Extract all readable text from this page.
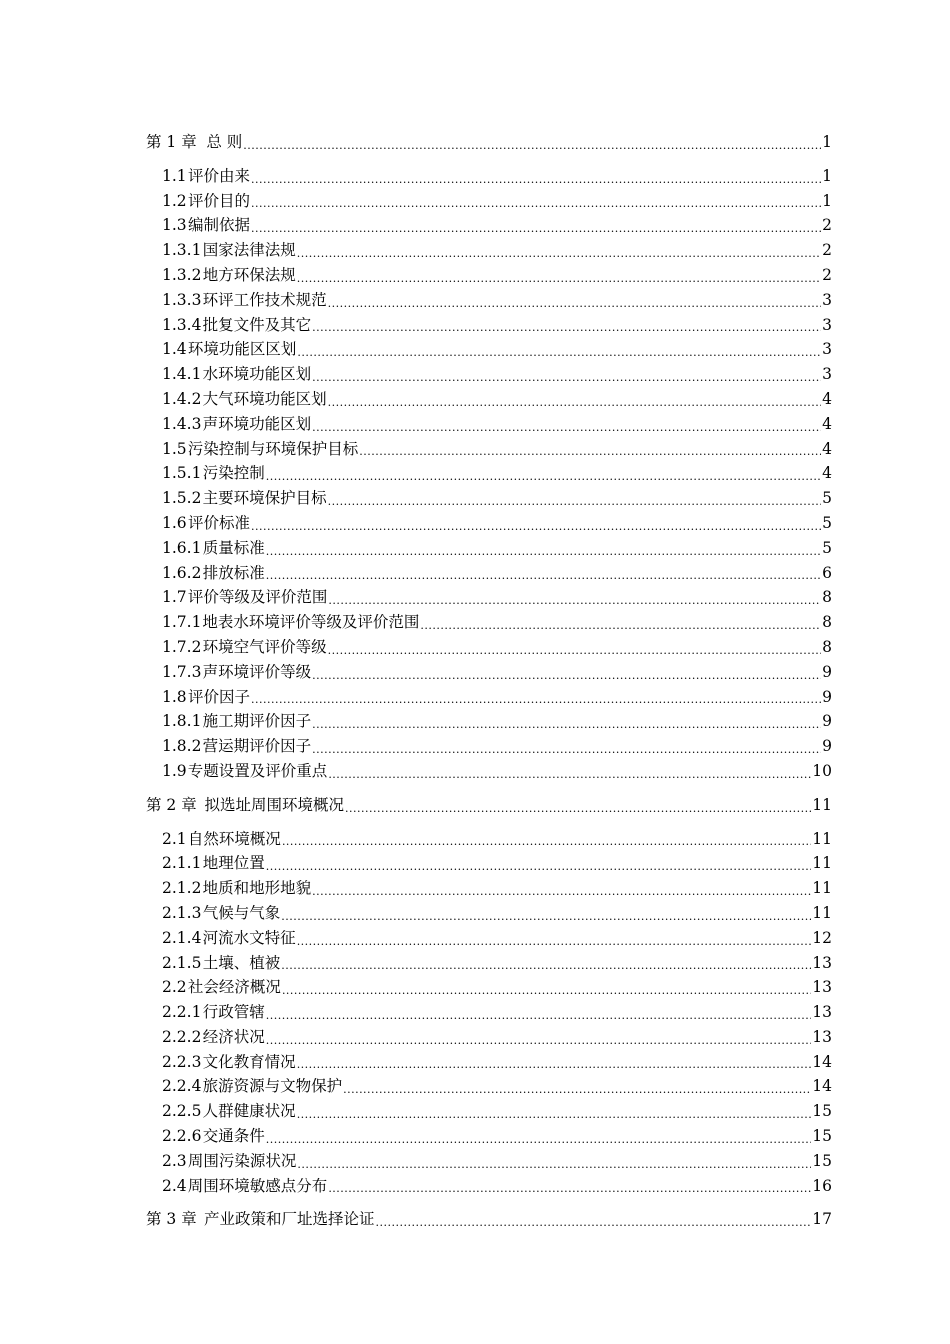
第 1 章 总 则 .....	1
1.1 评价由来 .....	1
1.2 评价目的 .....	1
1.3 编制依据 .....	2
1.3.1 国家法律法规 .....	2
1.3.2 地方环保法规 .....	2
1.3.3 环评工作技术规范 .....	3
1.3.4 批复文件及其它 .....	3
1.4 环境功能区区划 .....	3
1.4.1 水环境功能区划 .....	3
1.4.2 大气环境功能区划 .....	4
1.4.3 声环境功能区划 .....	4
1.5 污染控制与环境保护目标 .....	4
1.5.1 污染控制 .....	4
1.5.2 主要环境保护目标 .....	5
1.6 评价标准 .....	5
1.6.1 质量标准 .....	5
1.6.2 排放标准 .....	6
1.7 评价等级及评价范围 .....	8
1.7.1 地表水环境评价等级及评价范围 .....	8
1.7.2 环境空气评价等级 .....	8
1.7.3 声环境评价等级 .....	9
1.8 评价因子 .....	9
1.8.1 施工期评价因子 .....	9
1.8.2 营运期评价因子 .....	9
1.9 专题设置及评价重点 .....	10
第 2 章 拟选址周围环境概况 .....	11
2.1 自然环境概况 .....	11
2.1.1 地理位置 .....	11
2.1.2 地质和地形地貌 .....	11
2.1.3 气候与气象 .....	11
2.1.4 河流水文特征 .....	12
2.1.5 土壤、植被 .....	13
2.2 社会经济概况 .....	13
2.2.1 行政管辖 .....	13
2.2.2 经济状况 .....	13
2.2.3 文化教育情况 .....	14
2.2.4 旅游资源与文物保护 .....	14
2.2.5 人群健康状况 .....	15
2.2.6 交通条件 .....	15
2.3 周围污染源状况 .....	15
2.4 周围环境敏感点分布 .....	16
第 3 章 产业政策和厂址选择论证 .....	17
